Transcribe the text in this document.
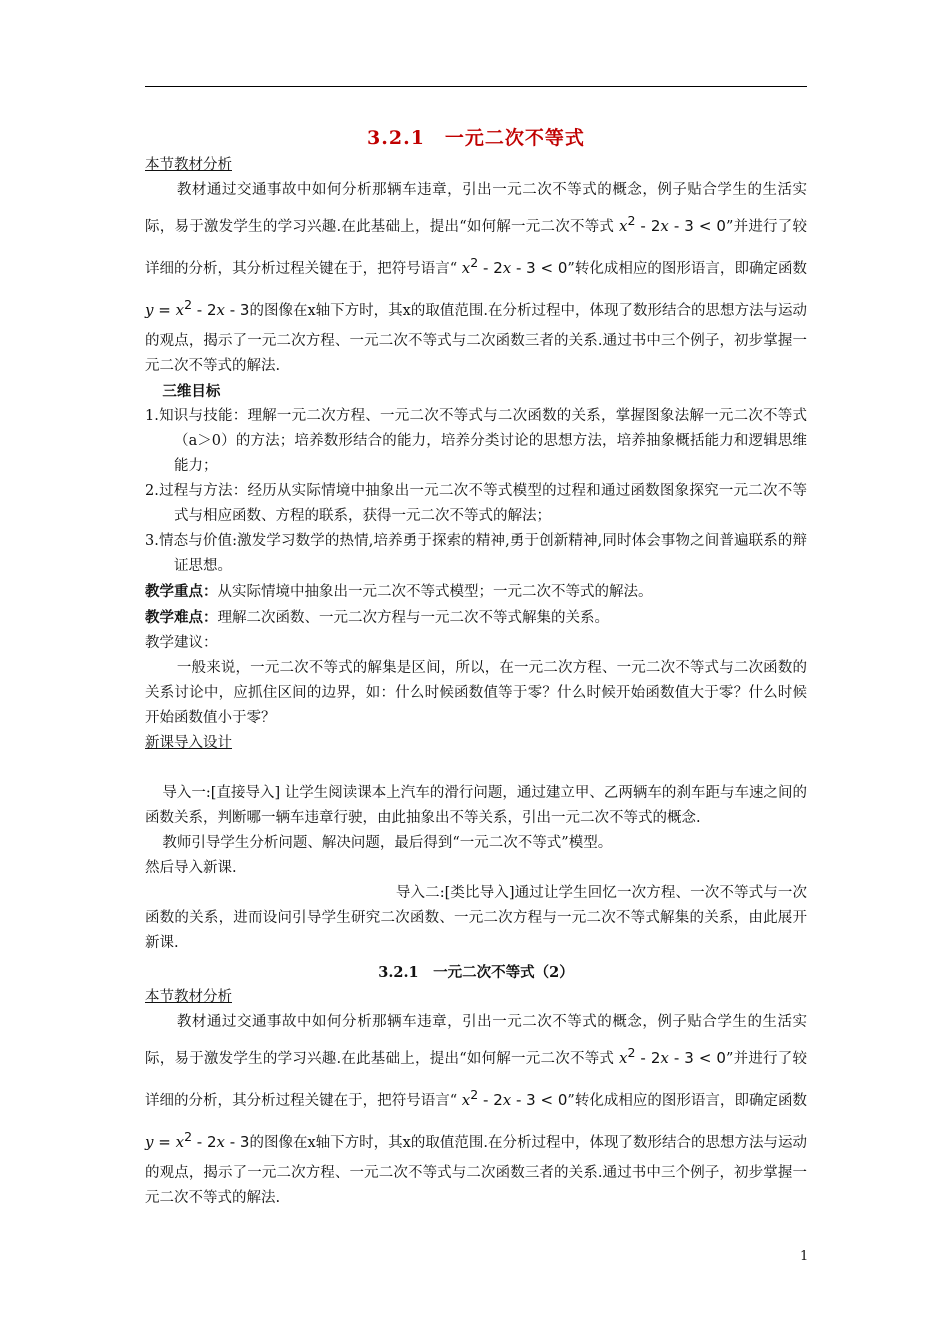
3.2.1　一元二次不等式
本节教材分析

教材通过交通事故中如何分析那辆车违章，引出一元二次不等式的概念，例子贴合学生的生活实际，易于激发学生的学习兴趣.在此基础上，提出“如何解一元二次不等式 $x^2 - 2x - 3 < 0$”并进行了较详细的分析，其分析过程关键在于，把符号语言“ $x^2 - 2x - 3 < 0$”转化成相应的图形语言，即确定函数$y = x^2 - 2x - 3$的图像在x轴下方时，其x的取值范围.在分析过程中，体现了数形结合的思想方法与运动的观点，揭示了一元二次方程、一元二次不等式与二次函数三者的关系.通过书中三个例子，初步掌握一元二次不等式的解法.

三维目标

1.知识与技能：理解一元二次方程、一元二次不等式与二次函数的关系，掌握图象法解一元二次不等式（a＞0）的方法；培养数形结合的能力，培养分类讨论的思想方法，培养抽象概括能力和逻辑思维能力；

2.过程与方法：经历从实际情境中抽象出一元二次不等式模型的过程和通过函数图象探究一元二次不等式与相应函数、方程的联系，获得一元二次不等式的解法；

3.情态与价值:激发学习数学的热情,培养勇于探索的精神,勇于创新精神,同时体会事物之间普遍联系的辩证思想。

教学重点：从实际情境中抽象出一元二次不等式模型；一元二次不等式的解法。

教学难点：理解二次函数、一元二次方程与一元二次不等式解集的关系。

教学建议：

一般来说，一元二次不等式的解集是区间，所以，在一元二次方程、一元二次不等式与二次函数的关系讨论中，应抓住区间的边界，如：什么时候函数值等于零？什么时候开始函数值大于零？什么时候开始函数值小于零？

新课导入设计

导入一:[直接导入] 让学生阅读课本上汽车的滑行问题，通过建立甲、乙两辆车的刹车距与车速之间的函数关系，判断哪一辆车违章行驶，由此抽象出不等关系，引出一元二次不等式的概念.

教师引导学生分析问题、解决问题，最后得到“一元二次不等式”模型。

然后导入新课.

导入二:[类比导入]通过让学生回忆一次方程、一次不等式与一次函数的关系，进而设问引导学生研究二次函数、一元二次方程与一元二次不等式解集的关系，由此展开新课.

3.2.1　一元二次不等式（2）
本节教材分析

教材通过交通事故中如何分析那辆车违章，引出一元二次不等式的概念，例子贴合学生的生活实际，易于激发学生的学习兴趣.在此基础上，提出“如何解一元二次不等式 $x^2 - 2x - 3 < 0$”并进行了较详细的分析，其分析过程关键在于，把符号语言“ $x^2 - 2x - 3 < 0$”转化成相应的图形语言，即确定函数$y = x^2 - 2x - 3$的图像在x轴下方时，其x的取值范围.在分析过程中，体现了数形结合的思想方法与运动的观点，揭示了一元二次方程、一元二次不等式与二次函数三者的关系.通过书中三个例子，初步掌握一元二次不等式的解法.

1
